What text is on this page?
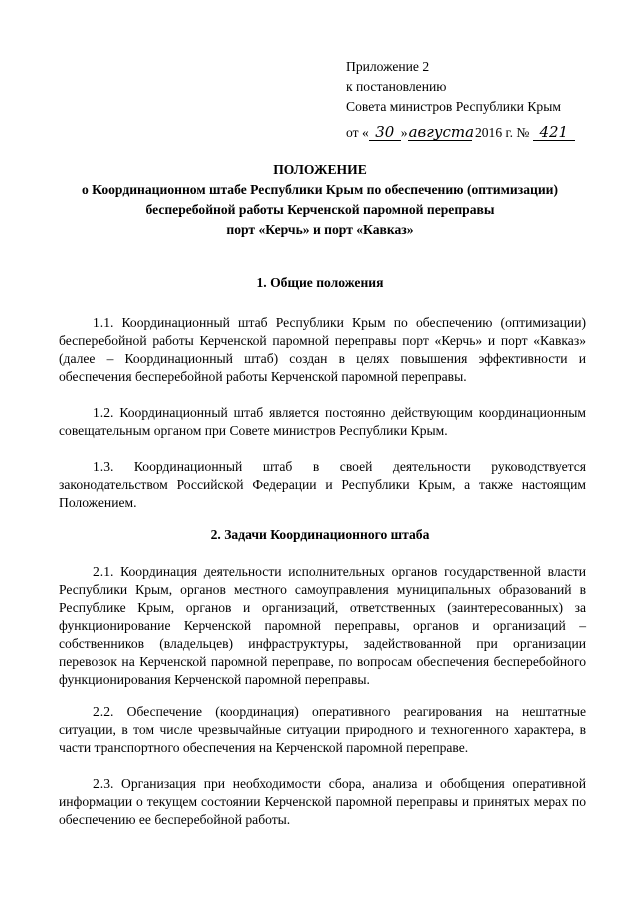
Приложение 2
к постановлению
Совета министров Республики Крым
от « 30 »августа 2016 г. № 421
ПОЛОЖЕНИЕ
о Координационном штабе Республики Крым по обеспечению (оптимизации)
бесперебойной работы Керченской паромной переправы
порт «Керчь» и порт «Кавказ»
1. Общие положения
1.1. Координационный штаб Республики Крым по обеспечению (оптимизации) бесперебойной работы Керченской паромной переправы порт «Керчь» и порт «Кавказ» (далее – Координационный штаб) создан в целях повышения эффективности и обеспечения бесперебойной работы Керченской паромной переправы.
1.2. Координационный штаб является постоянно действующим координационным совещательным органом при Совете министров Республики Крым.
1.3. Координационный штаб в своей деятельности руководствуется законодательством Российской Федерации и Республики Крым, а также настоящим Положением.
2. Задачи Координационного штаба
2.1. Координация деятельности исполнительных органов государственной власти Республики Крым, органов местного самоуправления муниципальных образований в Республике Крым, органов и организаций, ответственных (заинтересованных) за функционирование Керченской паромной переправы, органов и организаций – собственников (владельцев) инфраструктуры, задействованной при организации перевозок на Керченской паромной переправе, по вопросам обеспечения бесперебойного функционирования Керченской паромной переправы.
2.2. Обеспечение (координация) оперативного реагирования на нештатные ситуации, в том числе чрезвычайные ситуации природного и техногенного характера, в части транспортного обеспечения на Керченской паромной переправе.
2.3. Организация при необходимости сбора, анализа и обобщения оперативной информации о текущем состоянии Керченской паромной переправы и принятых мерах по обеспечению ее бесперебойной работы.
